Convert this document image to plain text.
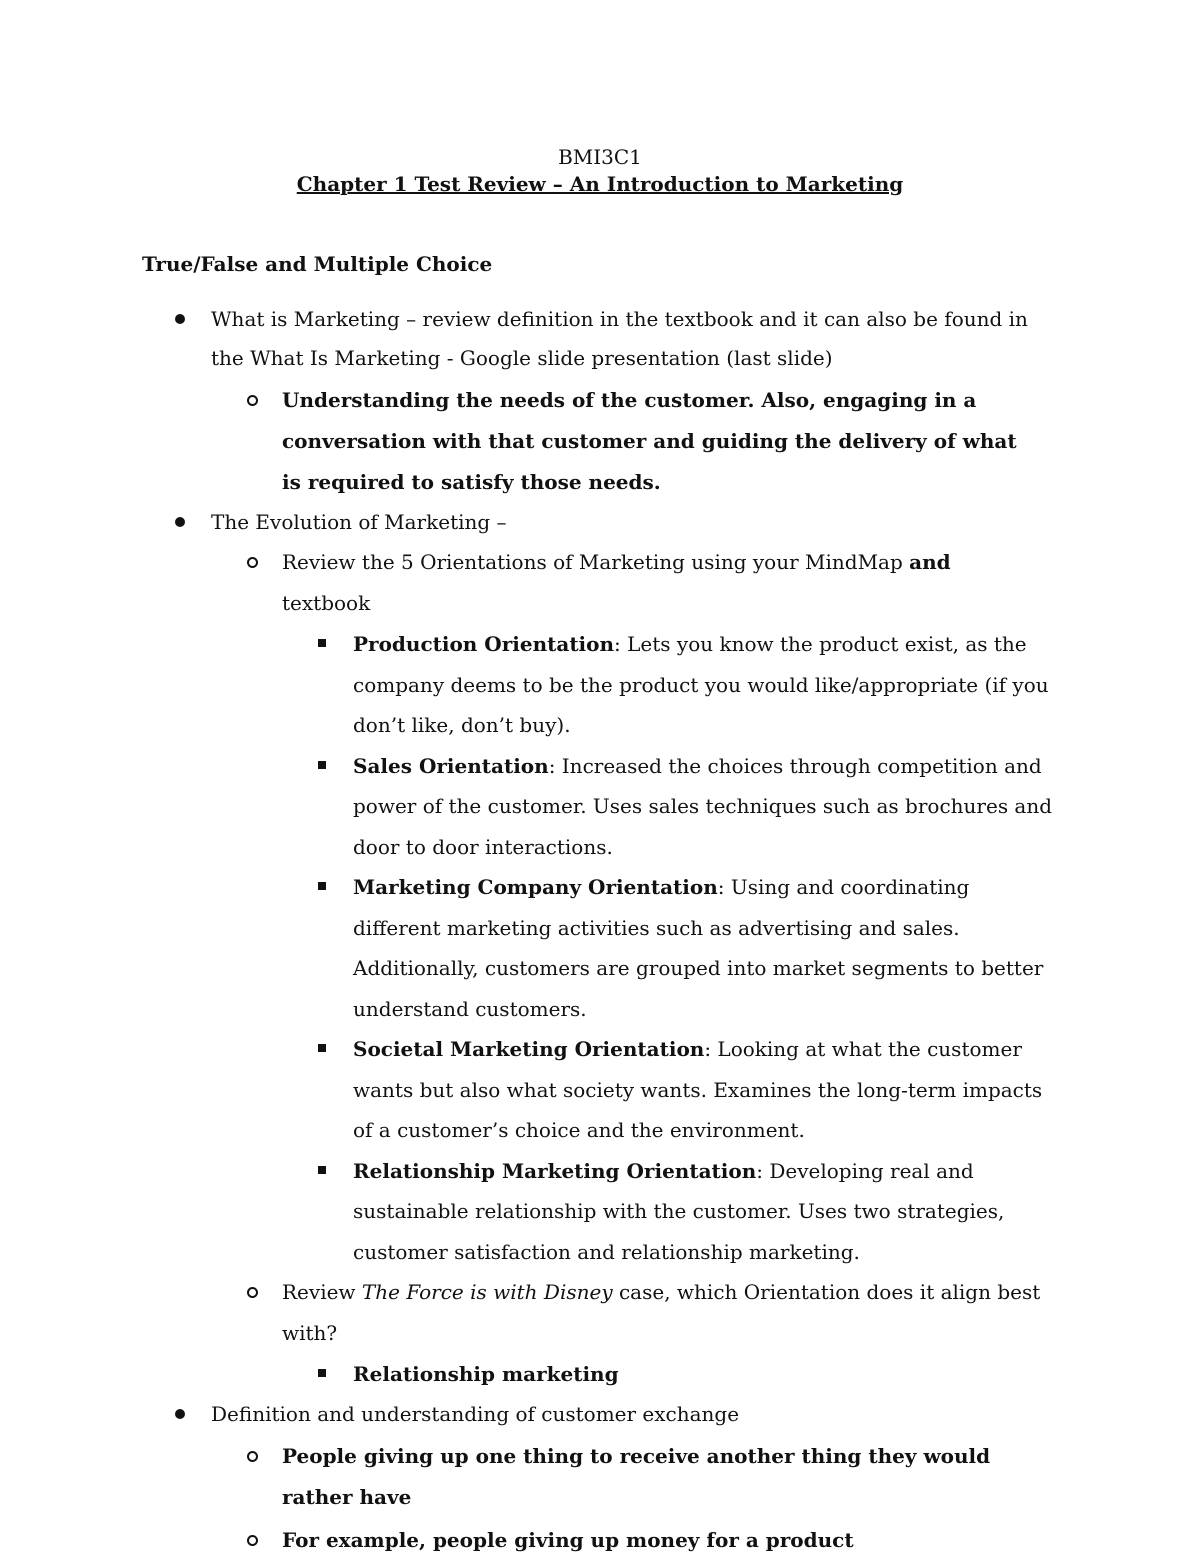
BMI3C1
Chapter 1 Test Review – An Introduction to Marketing
True/False and Multiple Choice
What is Marketing – review definition in the textbook and it can also be found in the What Is Marketing - Google slide presentation (last slide)
Understanding the needs of the customer. Also, engaging in a conversation with that customer and guiding the delivery of what is required to satisfy those needs.
The Evolution of Marketing –
Review the 5 Orientations of Marketing using your MindMap and textbook
Production Orientation: Lets you know the product exist, as the company deems to be the product you would like/appropriate (if you don’t like, don’t buy).
Sales Orientation: Increased the choices through competition and power of the customer. Uses sales techniques such as brochures and door to door interactions.
Marketing Company Orientation: Using and coordinating different marketing activities such as advertising and sales. Additionally, customers are grouped into market segments to better understand customers.
Societal Marketing Orientation: Looking at what the customer wants but also what society wants. Examines the long-term impacts of a customer’s choice and the environment.
Relationship Marketing Orientation: Developing real and sustainable relationship with the customer. Uses two strategies, customer satisfaction and relationship marketing.
Review The Force is with Disney case, which Orientation does it align best with?
Relationship marketing
Definition and understanding of customer exchange
People giving up one thing to receive another thing they would rather have
For example, people giving up money for a product
